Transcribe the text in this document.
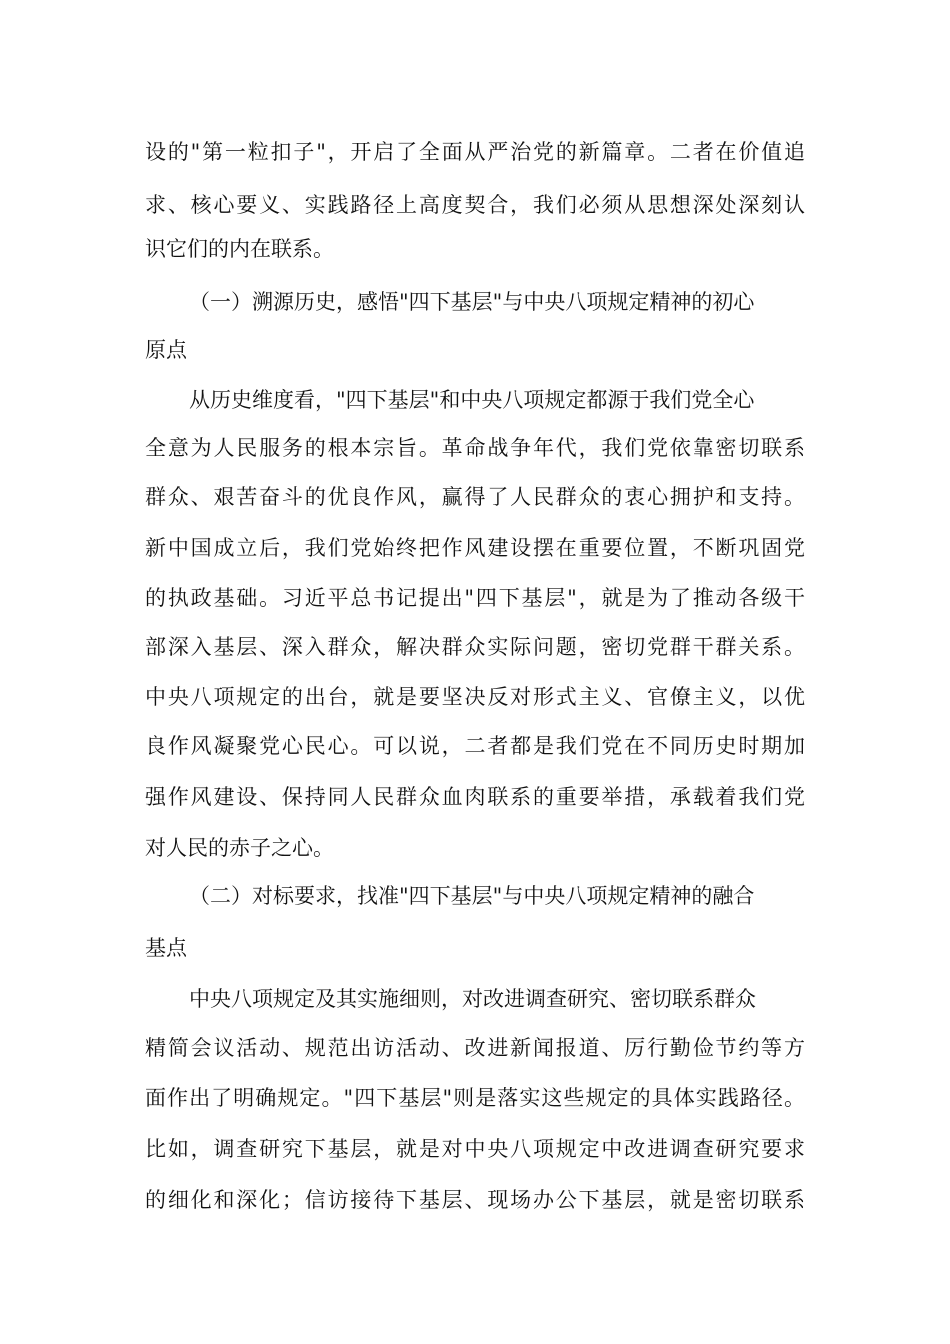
设的"第一粒扣子"，开启了全面从严治党的新篇章。二者在价值追

求、核心要义、实践路径上高度契合，我们必须从思想深处深刻认

识它们的内在联系。

（一）溯源历史，感悟"四下基层"与中央八项规定精神的初心

原点

从历史维度看，"四下基层"和中央八项规定都源于我们党全心

全意为人民服务的根本宗旨。革命战争年代，我们党依靠密切联系

群众、艰苦奋斗的优良作风，赢得了人民群众的衷心拥护和支持。

新中国成立后，我们党始终把作风建设摆在重要位置，不断巩固党

的执政基础。习近平总书记提出"四下基层"，就是为了推动各级干

部深入基层、深入群众，解决群众实际问题，密切党群干群关系。

中央八项规定的出台，就是要坚决反对形式主义、官僚主义，以优

良作风凝聚党心民心。可以说，二者都是我们党在不同历史时期加

强作风建设、保持同人民群众血肉联系的重要举措，承载着我们党

对人民的赤子之心。

（二）对标要求，找准"四下基层"与中央八项规定精神的融合

基点

中央八项规定及其实施细则，对改进调查研究、密切联系群众

精简会议活动、规范出访活动、改进新闻报道、厉行勤俭节约等方

面作出了明确规定。"四下基层"则是落实这些规定的具体实践路径。

比如，调查研究下基层，就是对中央八项规定中改进调查研究要求

的细化和深化；信访接待下基层、现场办公下基层，就是密切联系
